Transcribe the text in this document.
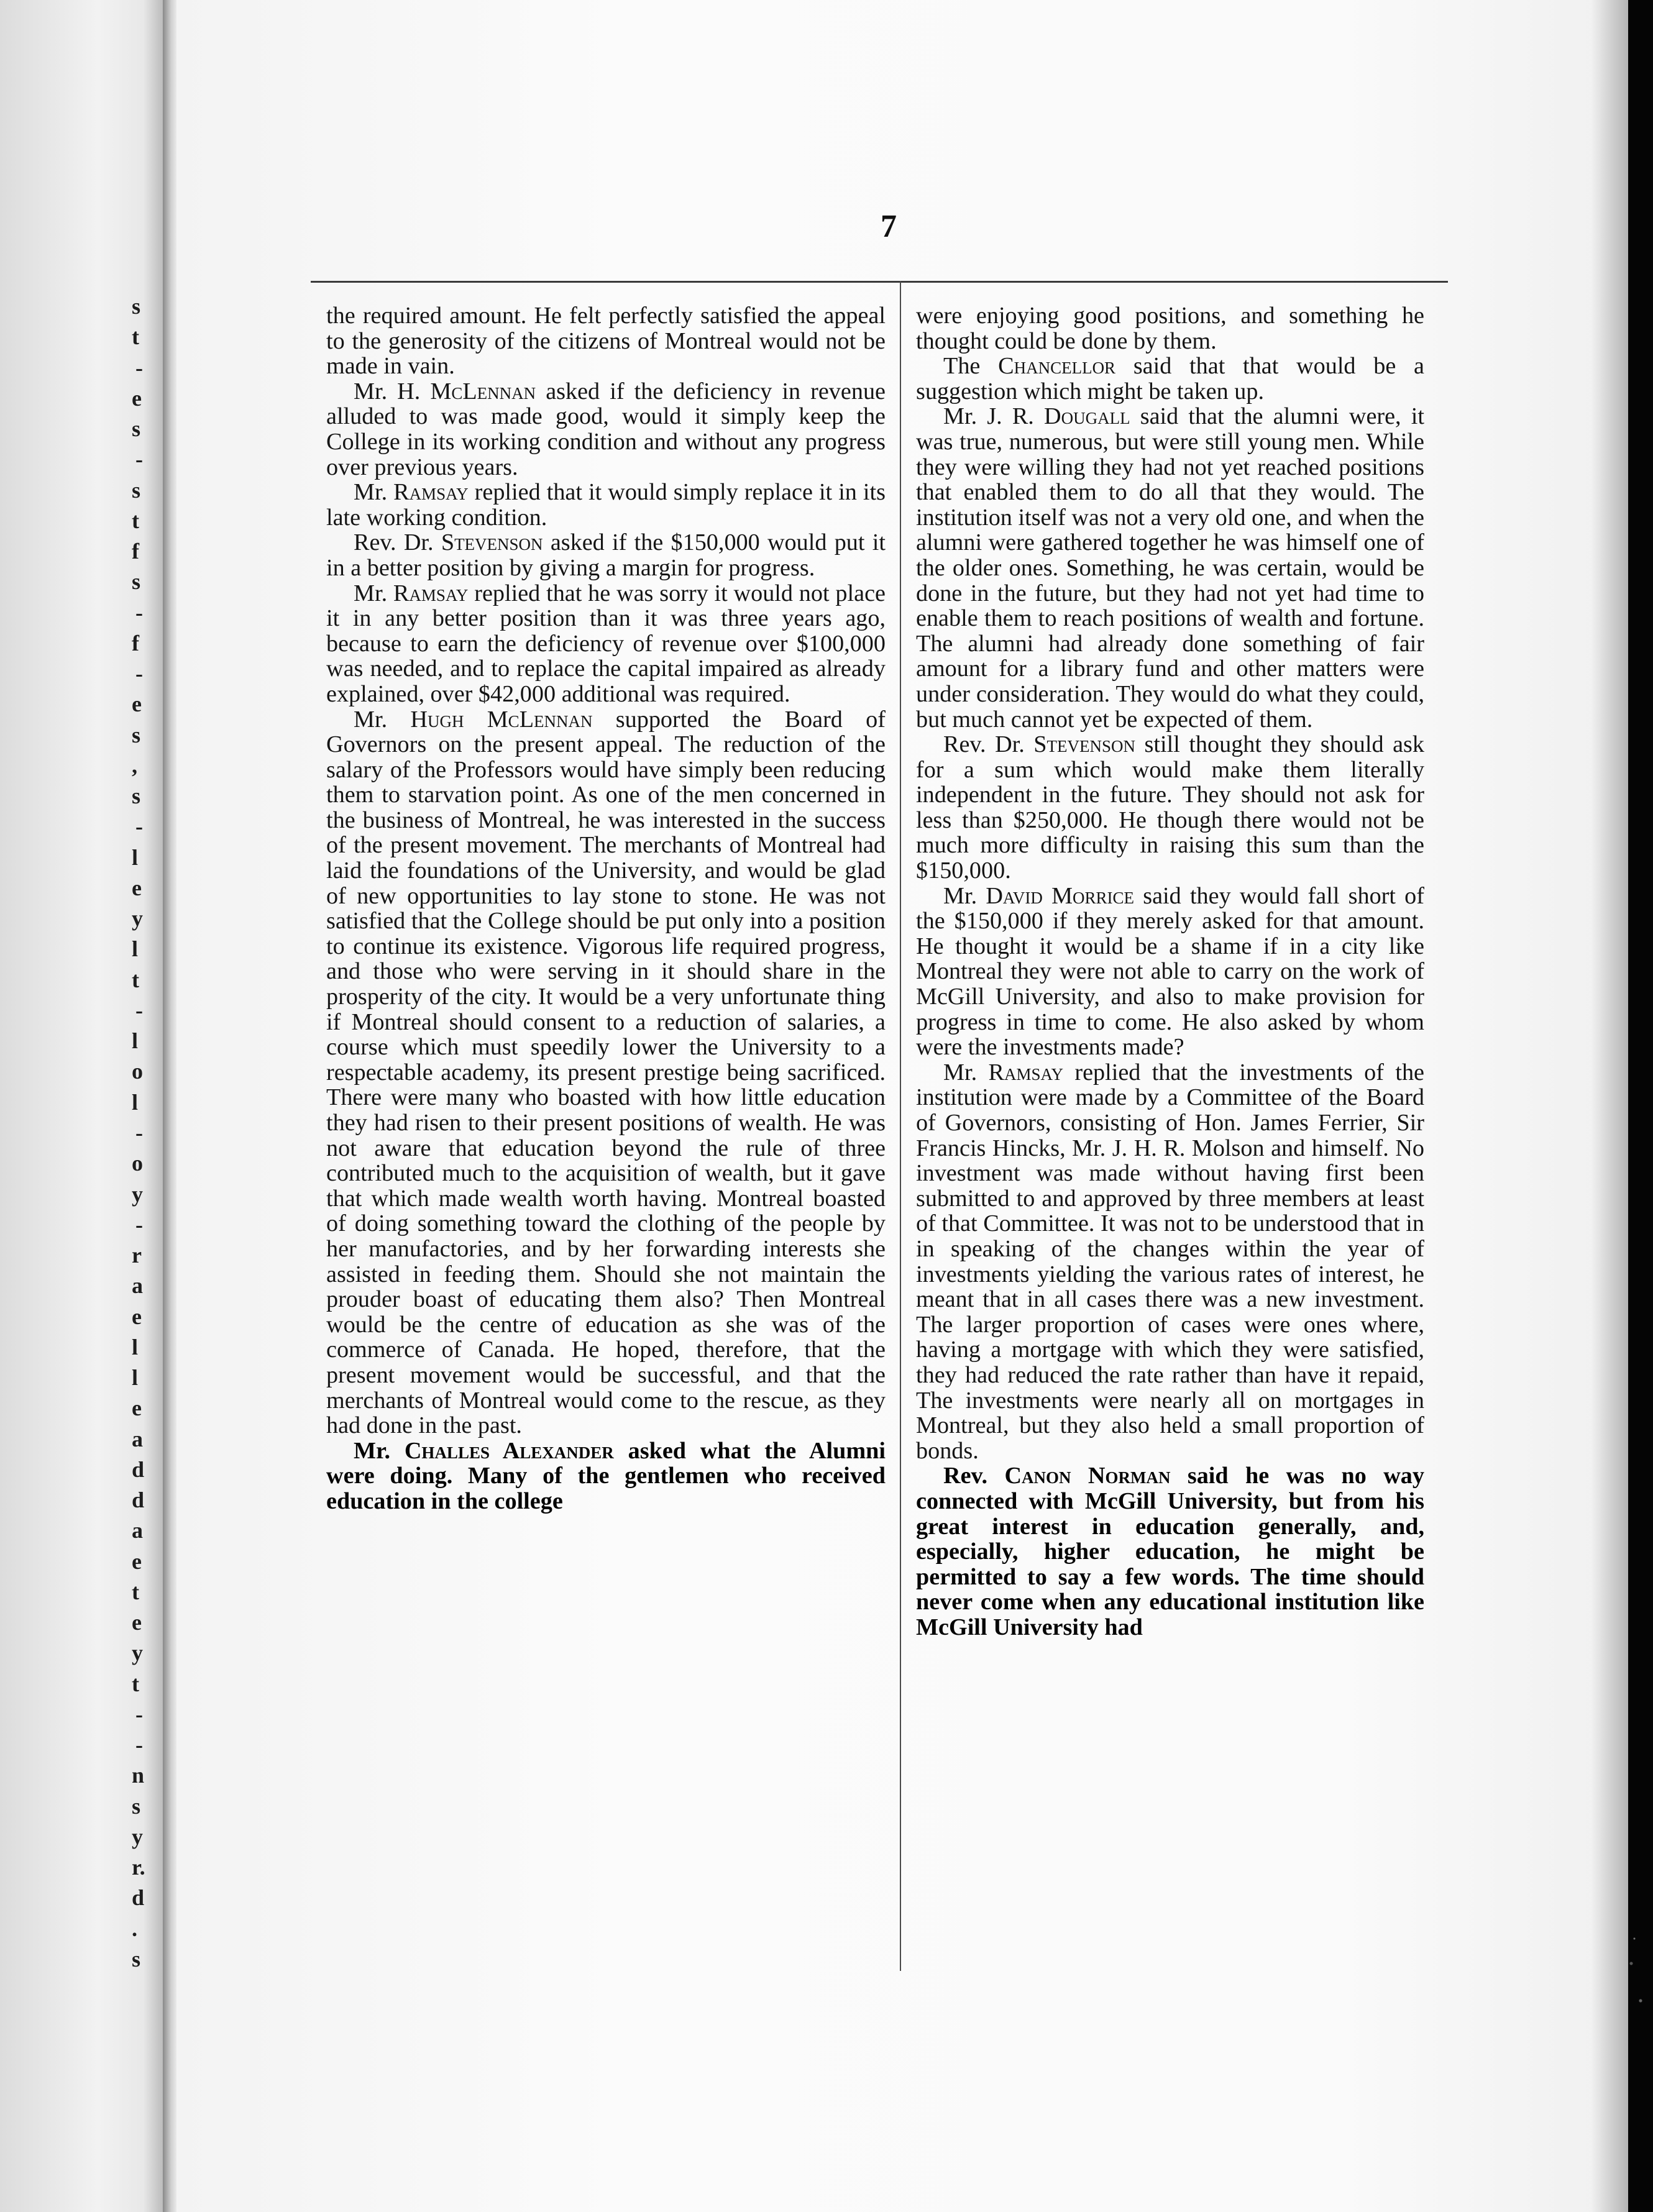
s
t
-
e
s
-
s
t
f
s
-
f
-
e
s
,
s
-
l
e
y
l
t
-
l
o
l
-
o
y
-
r
a
e
l
l
e
a
d
d
a
e
t
e
y
t
-
-
n
s
y
r.
d
.
s
7
the required amount. He felt perfectly satisfied the appeal to the generosity of the citizens of Montreal would not be made in vain.
Mr. H. McLennan asked if the deficiency in revenue alluded to was made good, would it simply keep the College in its working condition and without any progress over previous years.
Mr. Ramsay replied that it would simply replace it in its late working condition.
Rev. Dr. Stevenson asked if the $150,000 would put it in a better position by giving a margin for progress.
Mr. Ramsay replied that he was sorry it would not place it in any better position than it was three years ago, because to earn the deficiency of revenue over $100,000 was needed, and to replace the capital impaired as already explained, over $42,000 additional was required.
Mr. Hugh McLennan supported the Board of Governors on the present appeal. The reduction of the salary of the Professors would have simply been reducing them to starvation point. As one of the men concerned in the business of Montreal, he was interested in the success of the present movement. The merchants of Montreal had laid the foundations of the University, and would be glad of new opportunities to lay stone to stone. He was not satisfied that the College should be put only into a position to continue its existence. Vigorous life required progress, and those who were serving in it should share in the prosperity of the city. It would be a very unfortunate thing if Montreal should consent to a reduction of salaries, a course which must speedily lower the University to a respectable academy, its present prestige being sacrificed. There were many who boasted with how little education they had risen to their present positions of wealth. He was not aware that education beyond the rule of three contributed much to the acquisition of wealth, but it gave that which made wealth worth having. Montreal boasted of doing something toward the clothing of the people by her manufactories, and by her forwarding interests she assisted in feeding them. Should she not maintain the prouder boast of educating them also? Then Montreal would be the centre of education as she was of the commerce of Canada. He hoped, therefore, that the present movement would be successful, and that the merchants of Montreal would come to the rescue, as they had done in the past.
Mr. Challes Alexander asked what the Alumni were doing. Many of the gentlemen who received education in the college
were enjoying good positions, and something he thought could be done by them.
The Chancellor said that that would be a suggestion which might be taken up.
Mr. J. R. Dougall said that the alumni were, it was true, numerous, but were still young men. While they were willing they had not yet reached positions that enabled them to do all that they would. The institution itself was not a very old one, and when the alumni were gathered together he was himself one of the older ones. Something, he was certain, would be done in the future, but they had not yet had time to enable them to reach positions of wealth and fortune. The alumni had already done something of fair amount for a library fund and other matters were under consideration. They would do what they could, but much cannot yet be expected of them.
Rev. Dr. Stevenson still thought they should ask for a sum which would make them literally independent in the future. They should not ask for less than $250,000. He though there would not be much more difficulty in raising this sum than the $150,000.
Mr. David Morrice said they would fall short of the $150,000 if they merely asked for that amount. He thought it would be a shame if in a city like Montreal they were not able to carry on the work of McGill University, and also to make provision for progress in time to come. He also asked by whom were the investments made?
Mr. Ramsay replied that the investments of the institution were made by a Committee of the Board of Governors, consisting of Hon. James Ferrier, Sir Francis Hincks, Mr. J. H. R. Molson and himself. No investment was made without having first been submitted to and approved by three members at least of that Committee. It was not to be understood that in in speaking of the changes within the year of investments yielding the various rates of interest, he meant that in all cases there was a new investment. The larger proportion of cases were ones where, having a mortgage with which they were satisfied, they had reduced the rate rather than have it repaid, The investments were nearly all on mortgages in Montreal, but they also held a small proportion of bonds.
Rev. Canon Norman said he was no way connected with McGill University, but from his great interest in education generally, and, especially, higher education, he might be permitted to say a few words. The time should never come when any educational institution like McGill University had
